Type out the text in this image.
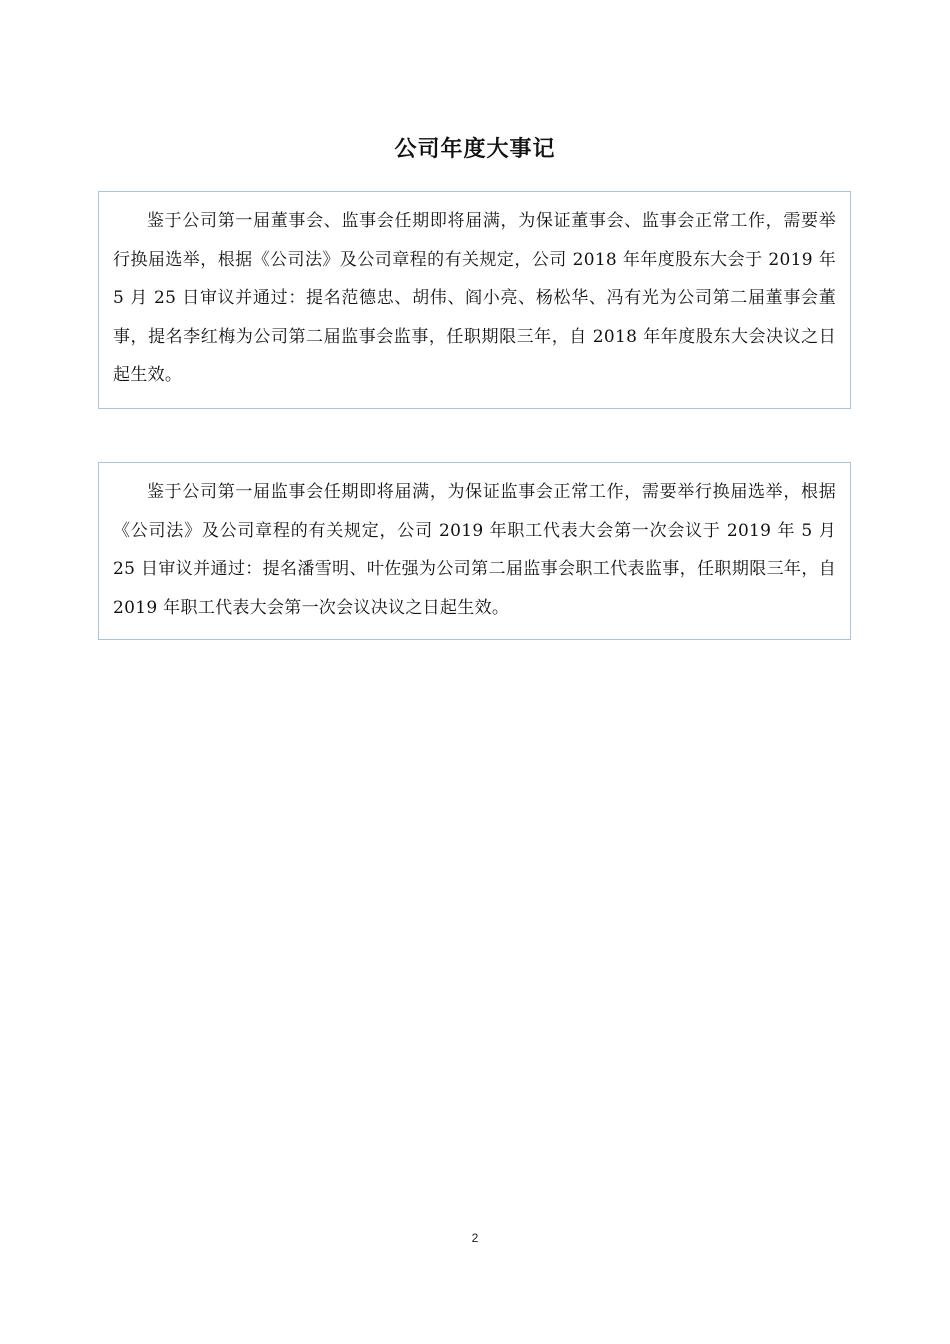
公司年度大事记

鉴于公司第一届董事会、监事会任期即将届满，为保证董事会、监事会正常工作，需要举行换届选举，根据《公司法》及公司章程的有关规定，公司 2018 年年度股东大会于 2019 年 5 月 25 日审议并通过：提名范德忠、胡伟、阎小亮、杨松华、冯有光为公司第二届董事会董事，提名李红梅为公司第二届监事会监事，任职期限三年，自 2018 年年度股东大会决议之日起生效。

鉴于公司第一届监事会任期即将届满，为保证监事会正常工作，需要举行换届选举，根据《公司法》及公司章程的有关规定，公司 2019 年职工代表大会第一次会议于 2019 年 5 月 25 日审议并通过：提名潘雪明、叶佐强为公司第二届监事会职工代表监事，任职期限三年，自 2019 年职工代表大会第一次会议决议之日起生效。

2
